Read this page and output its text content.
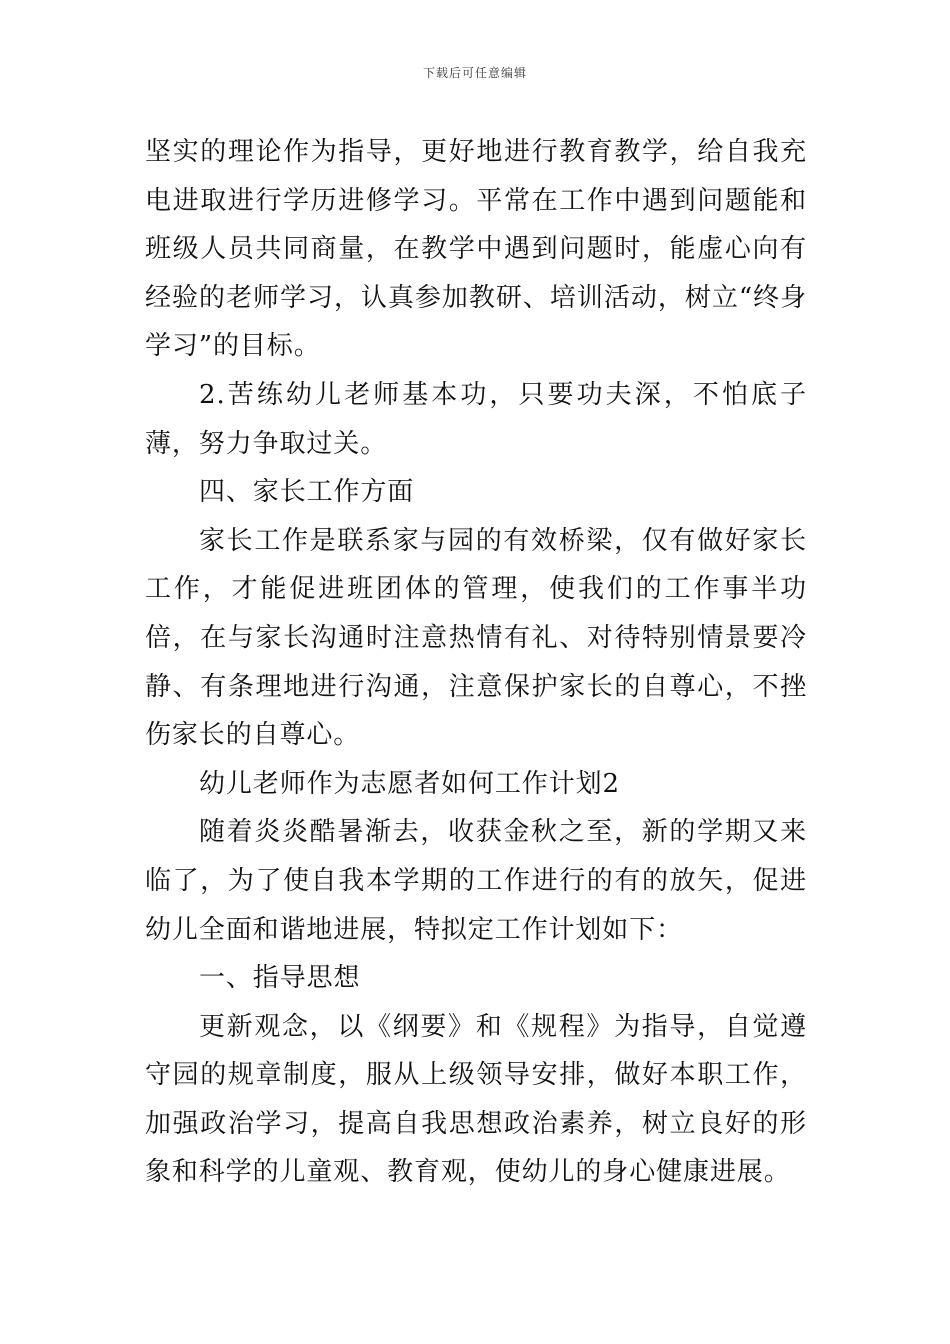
下载后可任意编辑

坚实的理论作为指导，更好地进行教育教学，给自我充电进取进行学历进修学习。平常在工作中遇到问题能和班级人员共同商量，在教学中遇到问题时，能虚心向有经验的老师学习，认真参加教研、培训活动，树立“终身学习”的目标。

2.苦练幼儿老师基本功，只要功夫深，不怕底子薄，努力争取过关。

四、家长工作方面

家长工作是联系家与园的有效桥梁，仅有做好家长工作，才能促进班团体的管理，使我们的工作事半功倍，在与家长沟通时注意热情有礼、对待特别情景要冷静、有条理地进行沟通，注意保护家长的自尊心，不挫伤家长的自尊心。

幼儿老师作为志愿者如何工作计划2

随着炎炎酷暑渐去，收获金秋之至，新的学期又来临了，为了使自我本学期的工作进行的有的放矢，促进幼儿全面和谐地进展，特拟定工作计划如下：

一、指导思想

更新观念，以《纲要》和《规程》为指导，自觉遵守园的规章制度，服从上级领导安排，做好本职工作，加强政治学习，提高自我思想政治素养，树立良好的形象和科学的儿童观、教育观，使幼儿的身心健康进展。
